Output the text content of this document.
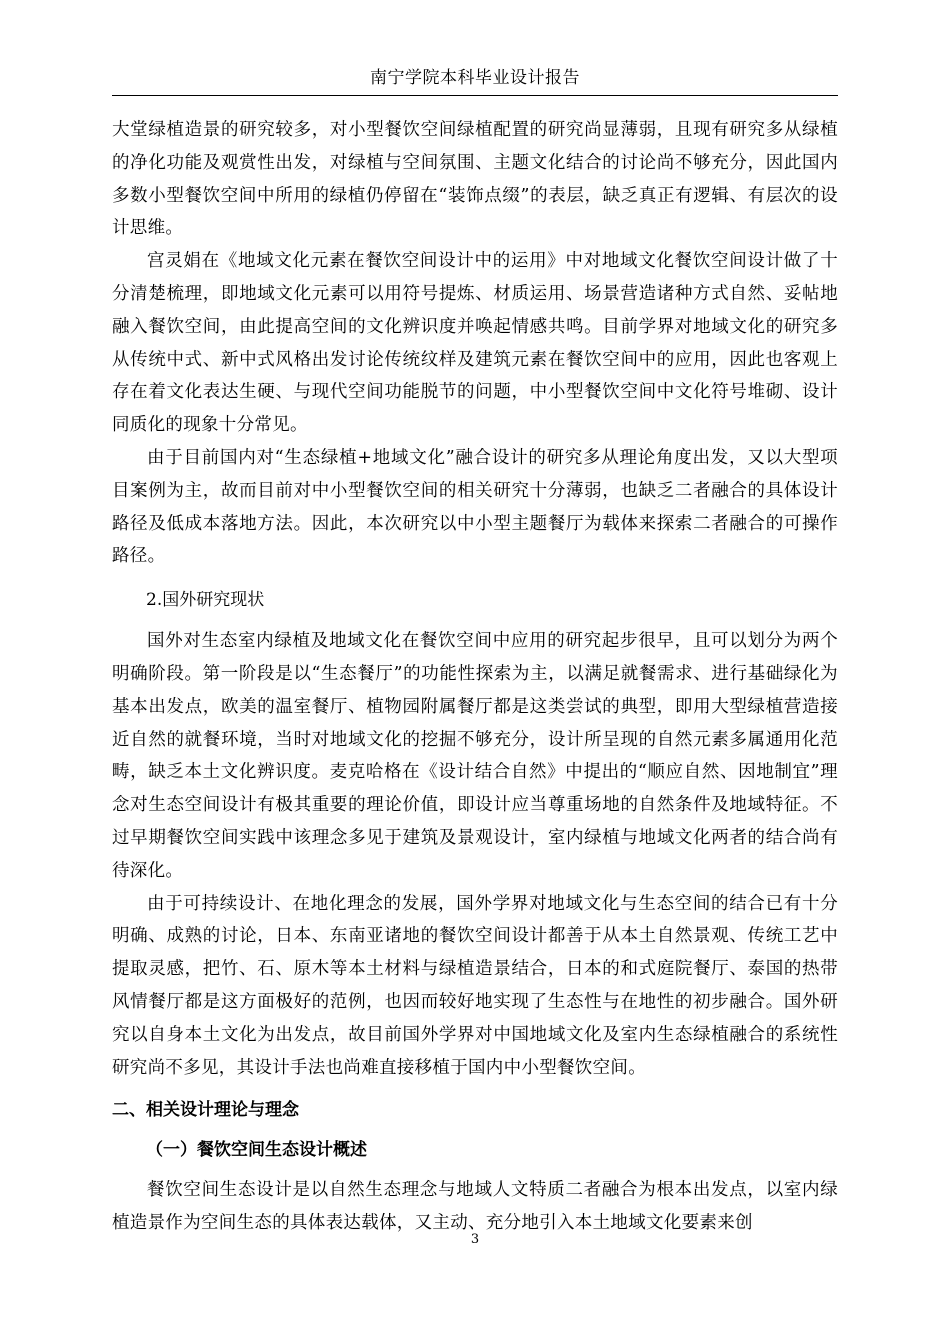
南宁学院本科毕业设计报告

大堂绿植造景的研究较多，对小型餐饮空间绿植配置的研究尚显薄弱，且现有研究多从绿植的净化功能及观赏性出发，对绿植与空间氛围、主题文化结合的讨论尚不够充分，因此国内多数小型餐饮空间中所用的绿植仍停留在“装饰点缀”的表层，缺乏真正有逻辑、有层次的设计思维。

宫灵娟在《地域文化元素在餐饮空间设计中的运用》中对地域文化餐饮空间设计做了十分清楚梳理，即地域文化元素可以用符号提炼、材质运用、场景营造诸种方式自然、妥帖地融入餐饮空间，由此提高空间的文化辨识度并唤起情感共鸣。目前学界对地域文化的研究多从传统中式、新中式风格出发讨论传统纹样及建筑元素在餐饮空间中的应用，因此也客观上存在着文化表达生硬、与现代空间功能脱节的问题，中小型餐饮空间中文化符号堆砌、设计同质化的现象十分常见。

由于目前国内对“生态绿植+地域文化”融合设计的研究多从理论角度出发，又以大型项目案例为主，故而目前对中小型餐饮空间的相关研究十分薄弱，也缺乏二者融合的具体设计路径及低成本落地方法。因此，本次研究以中小型主题餐厅为载体来探索二者融合的可操作路径。

2.国外研究现状

国外对生态室内绿植及地域文化在餐饮空间中应用的研究起步很早，且可以划分为两个明确阶段。第一阶段是以“生态餐厅”的功能性探索为主，以满足就餐需求、进行基础绿化为基本出发点，欧美的温室餐厅、植物园附属餐厅都是这类尝试的典型，即用大型绿植营造接近自然的就餐环境，当时对地域文化的挖掘不够充分，设计所呈现的自然元素多属通用化范畴，缺乏本土文化辨识度。麦克哈格在《设计结合自然》中提出的“顺应自然、因地制宜”理念对生态空间设计有极其重要的理论价值，即设计应当尊重场地的自然条件及地域特征。不过早期餐饮空间实践中该理念多见于建筑及景观设计，室内绿植与地域文化两者的结合尚有待深化。

由于可持续设计、在地化理念的发展，国外学界对地域文化与生态空间的结合已有十分明确、成熟的讨论，日本、东南亚诸地的餐饮空间设计都善于从本土自然景观、传统工艺中提取灵感，把竹、石、原木等本土材料与绿植造景结合，日本的和式庭院餐厅、泰国的热带风情餐厅都是这方面极好的范例，也因而较好地实现了生态性与在地性的初步融合。国外研究以自身本土文化为出发点，故目前国外学界对中国地域文化及室内生态绿植融合的系统性研究尚不多见，其设计手法也尚难直接移植于国内中小型餐饮空间。

二、相关设计理论与理念
（一）餐饮空间生态设计概述

餐饮空间生态设计是以自然生态理念与地域人文特质二者融合为根本出发点，以室内绿植造景作为空间生态的具体表达载体，又主动、充分地引入本土地域文化要素来创

3
